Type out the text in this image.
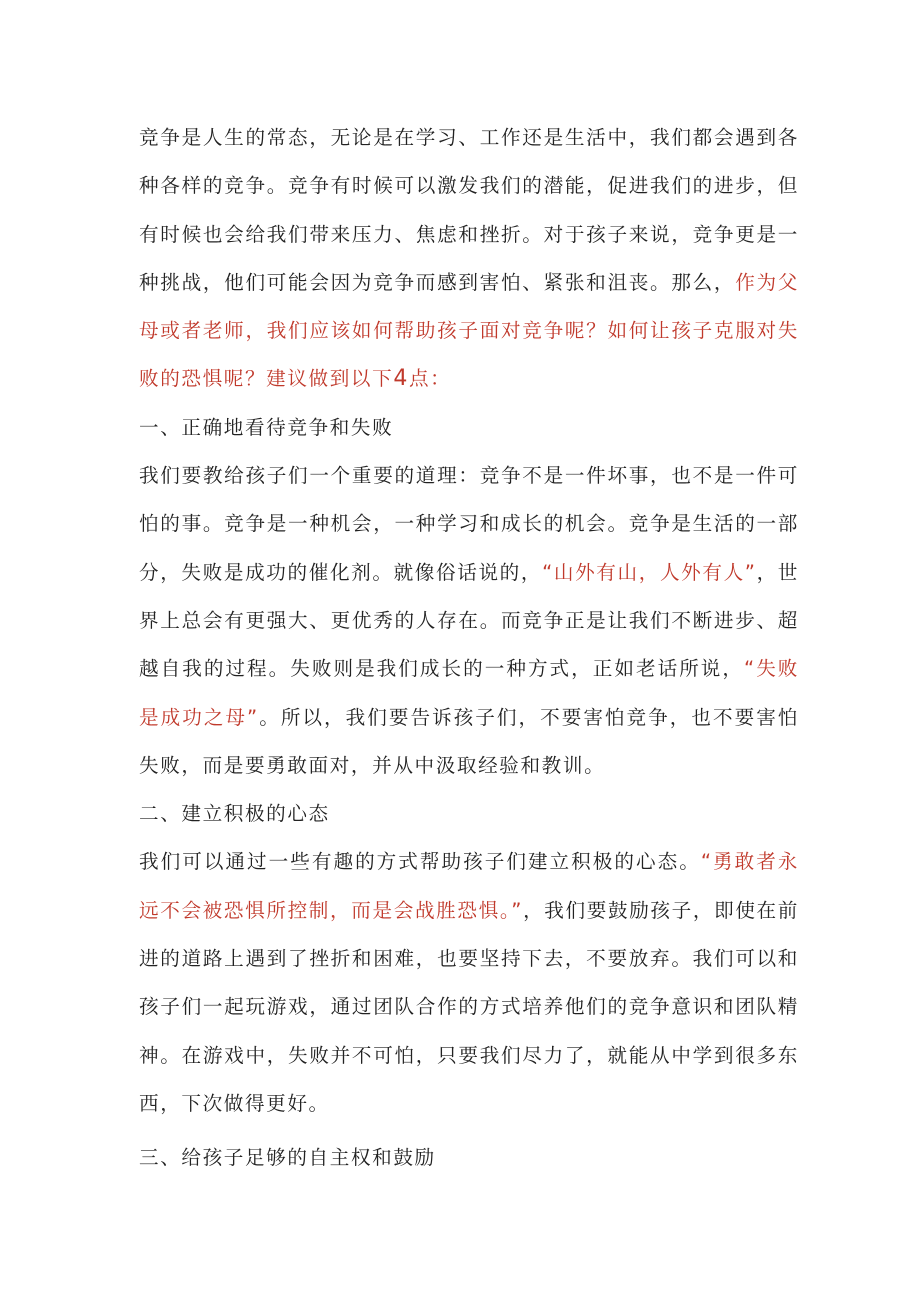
竞争是人生的常态，无论是在学习、工作还是生活中，我们都会遇到各种各样的竞争。竞争有时候可以激发我们的潜能，促进我们的进步，但有时候也会给我们带来压力、焦虑和挫折。对于孩子来说，竞争更是一种挑战，他们可能会因为竞争而感到害怕、紧张和沮丧。那么，作为父母或者老师，我们应该如何帮助孩子面对竞争呢？如何让孩子克服对失败的恐惧呢？建议做到以下4点：

一、正确地看待竞争和失败

我们要教给孩子们一个重要的道理：竞争不是一件坏事，也不是一件可怕的事。竞争是一种机会，一种学习和成长的机会。竞争是生活的一部分，失败是成功的催化剂。就像俗话说的，“山外有山，人外有人”，世界上总会有更强大、更优秀的人存在。而竞争正是让我们不断进步、超越自我的过程。失败则是我们成长的一种方式，正如老话所说，“失败是成功之母”。所以，我们要告诉孩子们，不要害怕竞争，也不要害怕失败，而是要勇敢面对，并从中汲取经验和教训。

二、建立积极的心态

我们可以通过一些有趣的方式帮助孩子们建立积极的心态。“勇敢者永远不会被恐惧所控制，而是会战胜恐惧。”，我们要鼓励孩子，即使在前进的道路上遇到了挫折和困难，也要坚持下去，不要放弃。我们可以和孩子们一起玩游戏，通过团队合作的方式培养他们的竞争意识和团队精神。在游戏中，失败并不可怕，只要我们尽力了，就能从中学到很多东西，下次做得更好。

三、给孩子足够的自主权和鼓励
